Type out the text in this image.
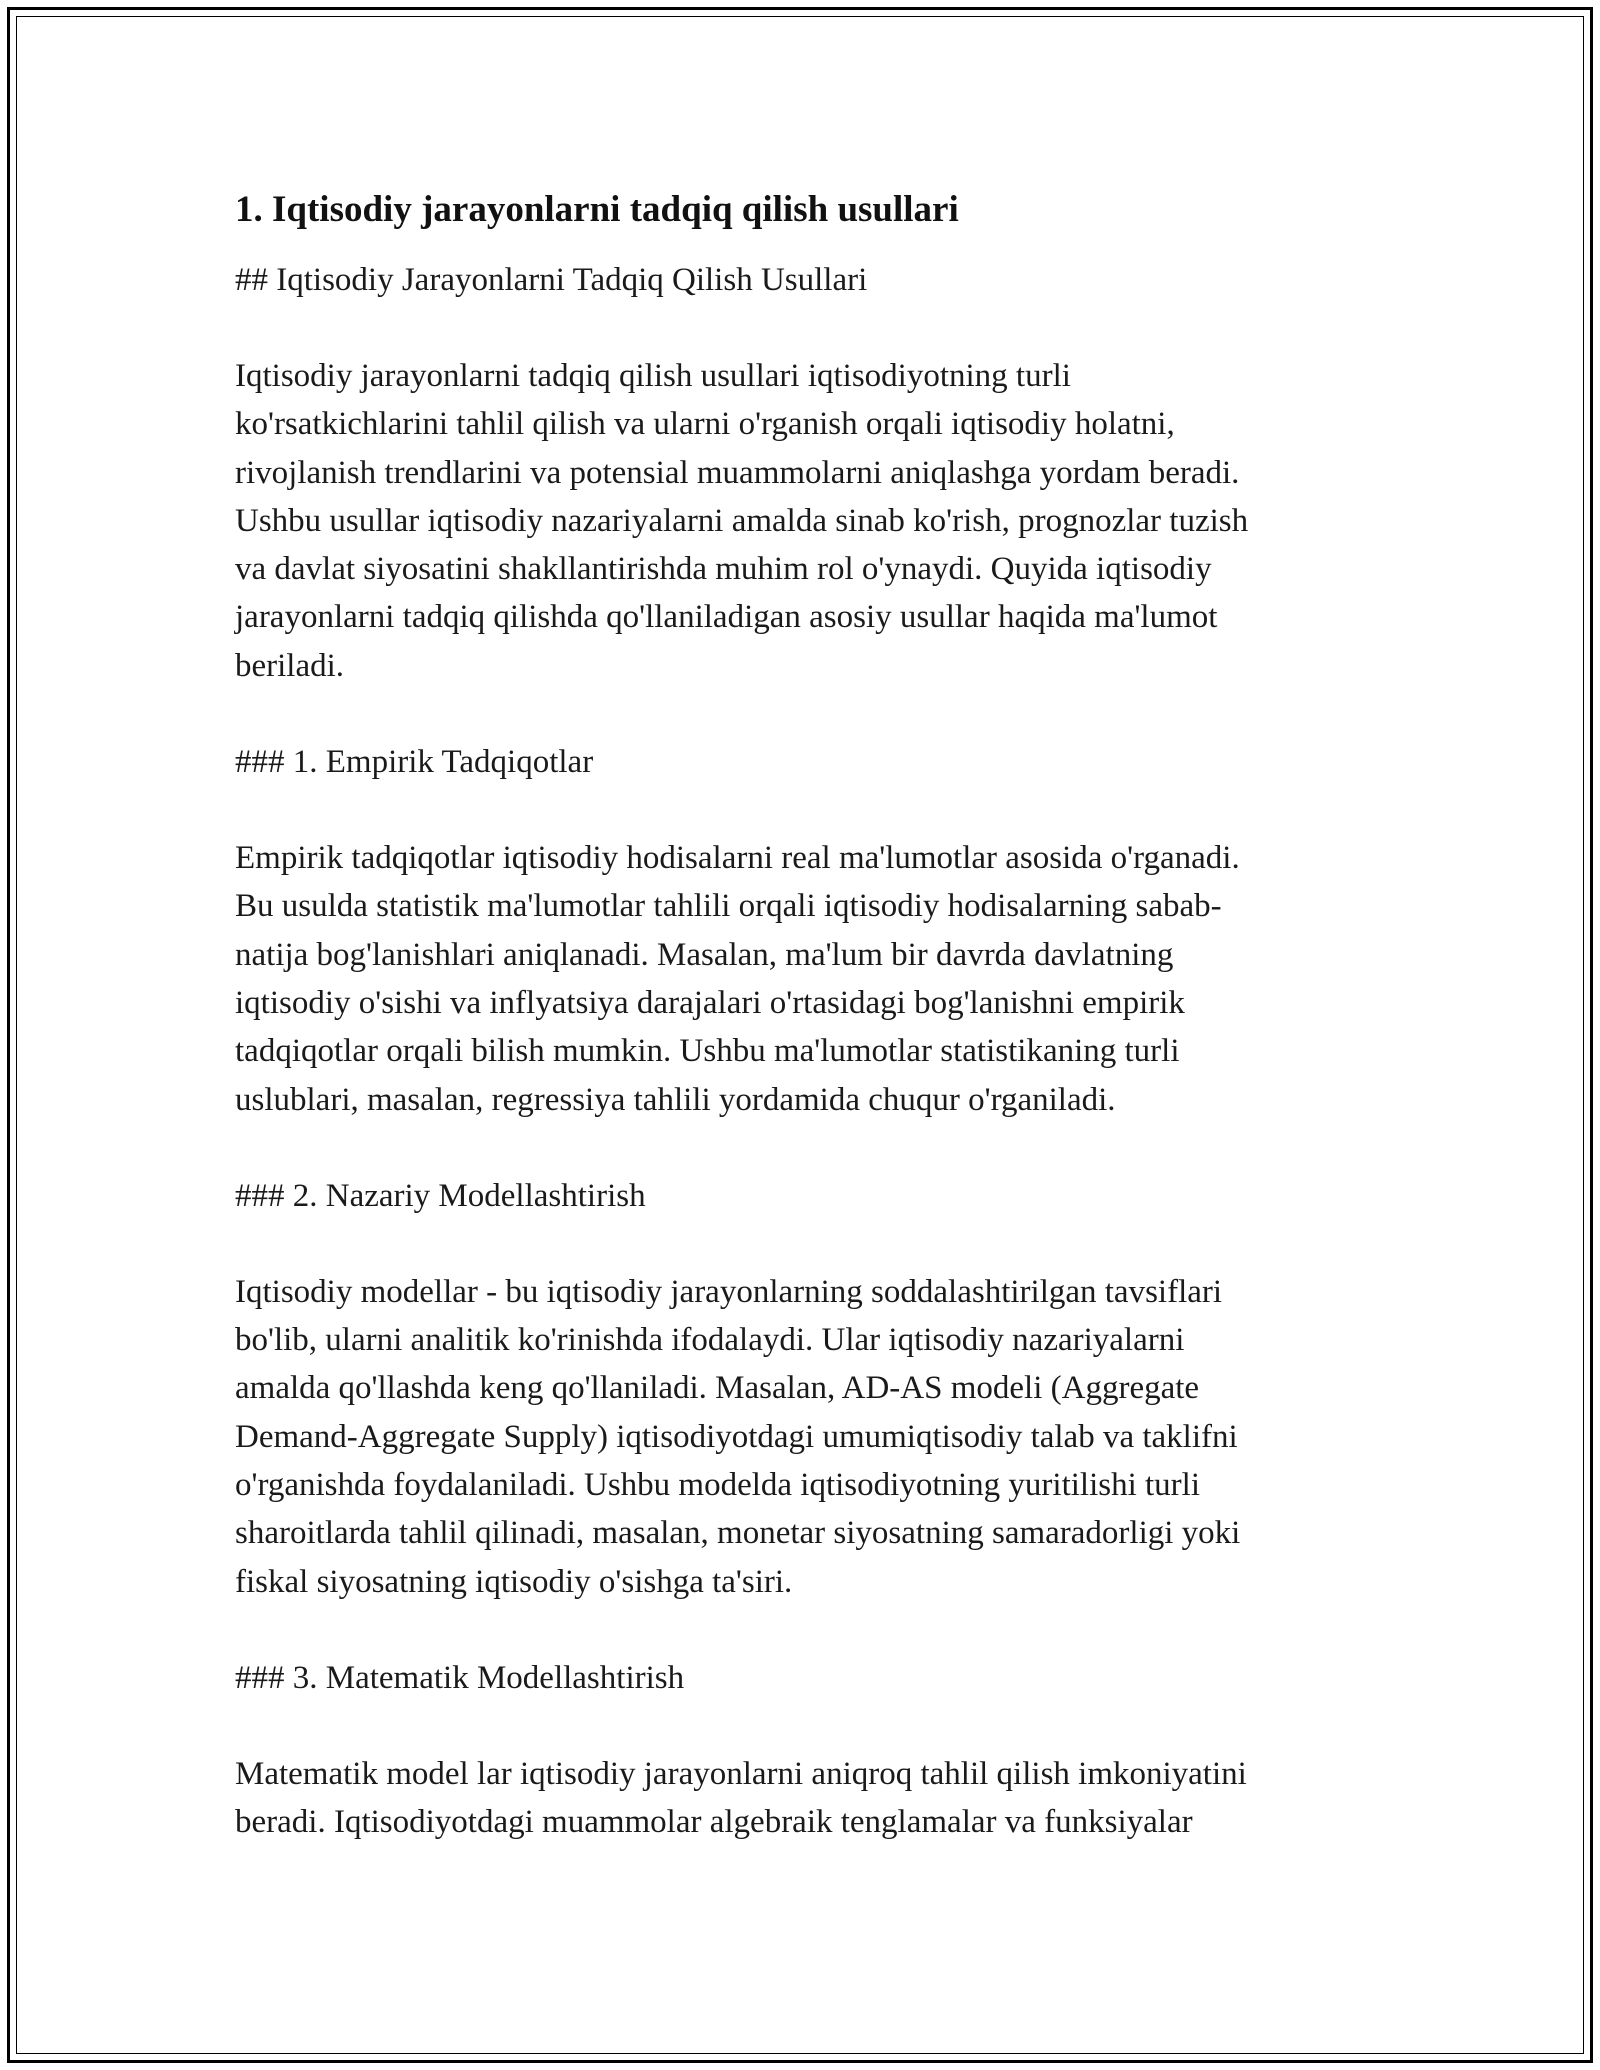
1. Iqtisodiy jarayonlarni tadqiq qilish usullari

## Iqtisodiy Jarayonlarni Tadqiq Qilish Usullari

Iqtisodiy jarayonlarni tadqiq qilish usullari iqtisodiyotning turli
ko'rsatkichlarini tahlil qilish va ularni o'rganish orqali iqtisodiy holatni,
rivojlanish trendlarini va potensial muammolarni aniqlashga yordam beradi.
Ushbu usullar iqtisodiy nazariyalarni amalda sinab ko'rish, prognozlar tuzish
va davlat siyosatini shakllantirishda muhim rol o'ynaydi. Quyida iqtisodiy
jarayonlarni tadqiq qilishda qo'llaniladigan asosiy usullar haqida ma'lumot
beriladi.

### 1. Empirik Tadqiqotlar

Empirik tadqiqotlar iqtisodiy hodisalarni real ma'lumotlar asosida o'rganadi.
Bu usulda statistik ma'lumotlar tahlili orqali iqtisodiy hodisalarning sabab-
natija bog'lanishlari aniqlanadi. Masalan, ma'lum bir davrda davlatning
iqtisodiy o'sishi va inflyatsiya darajalari o'rtasidagi bog'lanishni empirik
tadqiqotlar orqali bilish mumkin. Ushbu ma'lumotlar statistikaning turli
uslublari, masalan, regressiya tahlili yordamida chuqur o'rganiladi.

### 2. Nazariy Modellashtirish

Iqtisodiy modellar - bu iqtisodiy jarayonlarning soddalashtirilgan tavsiflari
bo'lib, ularni analitik ko'rinishda ifodalaydi. Ular iqtisodiy nazariyalarni
amalda qo'llashda keng qo'llaniladi. Masalan, AD-AS modeli (Aggregate
Demand-Aggregate Supply) iqtisodiyotdagi umumiqtisodiy talab va taklifni
o'rganishda foydalaniladi. Ushbu modelda iqtisodiyotning yuritilishi turli
sharoitlarda tahlil qilinadi, masalan, monetar siyosatning samaradorligi yoki
fiskal siyosatning iqtisodiy o'sishga ta'siri.

### 3. Matematik Modellashtirish

Matematik model lar iqtisodiy jarayonlarni aniqroq tahlil qilish imkoniyatini
beradi. Iqtisodiyotdagi muammolar algebraik tenglamalar va funksiyalar
